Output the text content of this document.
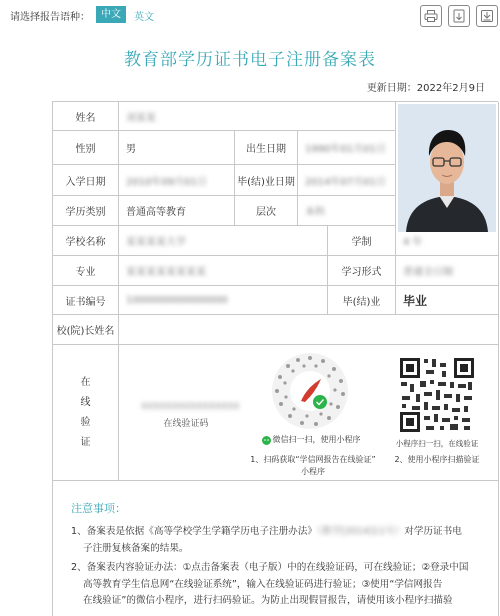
请选择报告语种：	中文	英文
教育部学历证书电子注册备案表
更新日期：2022年2月9日
姓名	刘某某
性别	男	出生日期	1990年01月01日
入学日期	2010年09月01日	毕(结)业日期	2014年07月01日
学历类别	普通高等教育	层次	本科
学校名称	某某某某大学	学制	4 年
专业	某某某某某某某某	学习形式	普通全日制
证书编号	1000000000000000	毕(结)业	毕业
校(院)长姓名
在
线
验
证
XXXXXXXXXXXXXXXX
在线验证码
微信扫一扫，使用小程序
1、扫码获取“学信网报告在线验证”
小程序
小程序扫一扫，在线验证
2、使用小程序扫描验证
注意事项：
1、备案表是依据《高等学校学生学籍学历电子注册办法》（教学[2014]11号）对学历证书电
子注册复核备案的结果。
2、备案表内容验证办法：①点击备案表（电子版）中的在线验证码，可在线验证；②登录中国
高等教育学生信息网“在线验证系统”，输入在线验证码进行验证；③使用“学信网报告
在线验证”的微信小程序，进行扫码验证。为防止出现假冒报告，请使用该小程序扫描验
